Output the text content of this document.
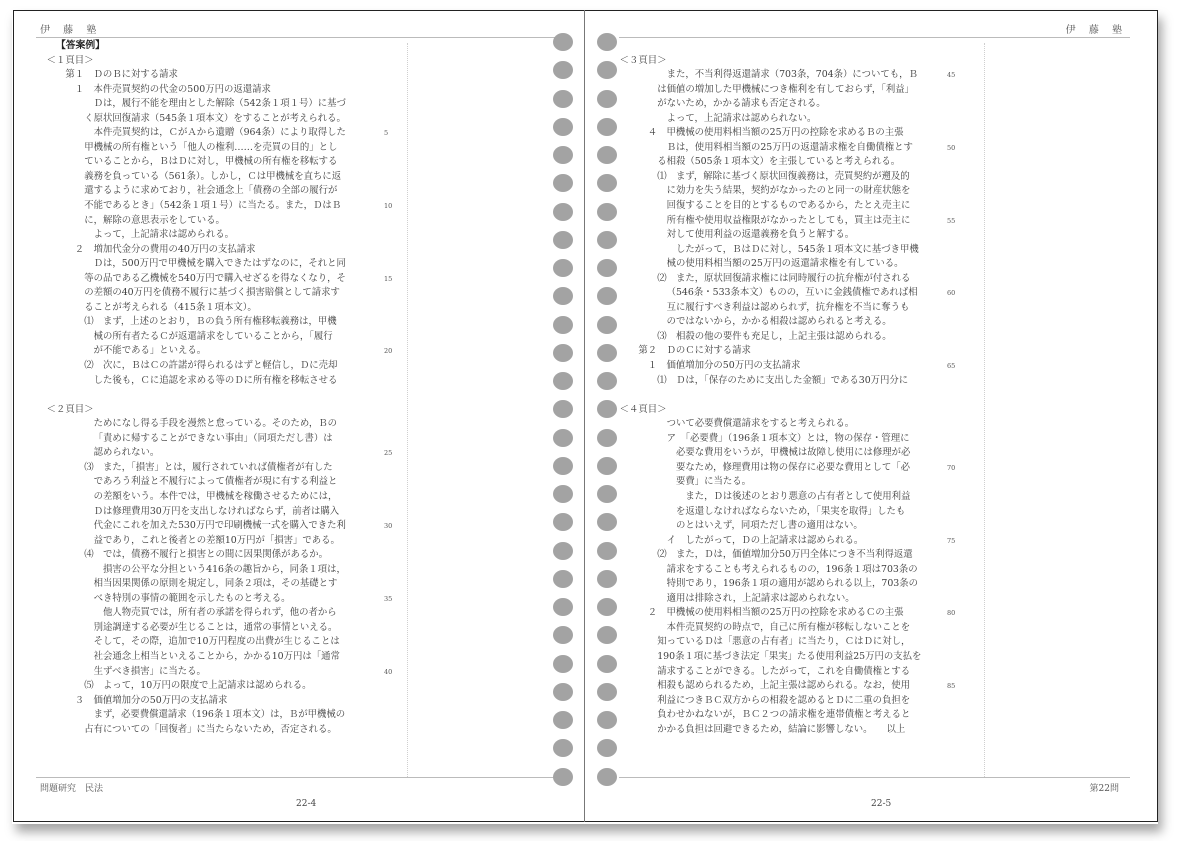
伊 藤 塾
【答案例】
＜１頁目＞
第１　ＤのＢに対する請求
１　本件売買契約の代金の500万円の返還請求
Ｄは，履行不能を理由とした解除（542条１項１号）に基づ
く原状回復請求（545条１項本文）をすることが考えられる。
本件売買契約は，ＣがＡから遺贈（964条）により取得した	5
甲機械の所有権という「他人の権利……を売買の目的」とし
ていることから，ＢはＤに対し，甲機械の所有権を移転する
義務を負っている（561条）。しかし，Ｃは甲機械を直ちに返
還するように求めており，社会通念上「債務の全部の履行が
不能であるとき」（542条１項１号）に当たる。また，ＤはＢ	10
に，解除の意思表示をしている。
よって，上記請求は認められる。
２　増加代金分の費用の40万円の支払請求
Ｄは，500万円で甲機械を購入できたはずなのに，それと同
等の品である乙機械を540万円で購入せざるを得なくなり，そ	15
の差額の40万円を債務不履行に基づく損害賠償として請求す
ることが考えられる（415条１項本文）。
⑴　まず，上述のとおり，Ｂの負う所有権移転義務は，甲機
械の所有者たるＣが返還請求をしていることから，「履行
が不能である」といえる。	20
⑵　次に，ＢはＣの許諾が得られるはずと軽信し，Ｄに売却
した後も，Ｃに追認を求める等のＤに所有権を移転させる
＜２頁目＞
ためになし得る手段を漫然と怠っている。そのため，Ｂの
「責めに帰することができない事由」（同項ただし書）は
認められない。	25
⑶　また，「損害」とは，履行されていれば債権者が有した
であろう利益と不履行によって債権者が現に有する利益と
の差額をいう。本件では，甲機械を稼働させるためには，
Ｄは修理費用30万円を支出しなければならず，前者は購入
代金にこれを加えた530万円で印刷機械一式を購入できた利	30
益であり，これと後者との差額10万円が「損害」である。
⑷　では，債務不履行と損害との間に因果関係があるか。
損害の公平な分担という416条の趣旨から，同条１項は，
相当因果関係の原則を規定し，同条２項は，その基礎とす
べき特別の事情の範囲を示したものと考える。	35
他人物売買では，所有者の承諾を得られず，他の者から
別途調達する必要が生じることは，通常の事情といえる。
そして，その際，追加で10万円程度の出費が生じることは
社会通念上相当といえることから，かかる10万円は「通常
生ずべき損害」に当たる。	40
⑸　よって，10万円の限度で上記請求は認められる。
３　価値増加分の50万円の支払請求
まず，必要費償還請求（196条１項本文）は，Ｂが甲機械の
占有についての「回復者」に当たらないため，否定される。
問題研究　民法
22-4
伊 藤 塾
＜３頁目＞
また，不当利得返還請求（703条，704条）についても，Ｂ	45
は価値の増加した甲機械につき権利を有しておらず，「利益」
がないため，かかる請求も否定される。
よって，上記請求は認められない。
４　甲機械の使用料相当額の25万円の控除を求めるＢの主張
Ｂは，使用料相当額の25万円の返還請求権を自働債権とす	50
る相殺（505条１項本文）を主張していると考えられる。
⑴　まず，解除に基づく原状回復義務は，売買契約が遡及的
に効力を失う結果，契約がなかったのと同一の財産状態を
回復することを目的とするものであるから，たとえ売主に
所有権や使用収益権限がなかったとしても，買主は売主に	55
対して使用利益の返還義務を負うと解する。
したがって，ＢはＤに対し，545条１項本文に基づき甲機
械の使用料相当額の25万円の返還請求権を有している。
⑵　また，原状回復請求権には同時履行の抗弁権が付される
（546条・533条本文）ものの，互いに金銭債権であれば相	60
互に履行すべき利益は認められず，抗弁権を不当に奪うも
のではないから，かかる相殺は認められると考える。
⑶　相殺の他の要件も充足し，上記主張は認められる。
第２　ＤのＣに対する請求
１　価値増加分の50万円の支払請求	65
⑴　Ｄは，「保存のために支出した金額」である30万円分に
＜４頁目＞
ついて必要費償還請求をすると考えられる。
ア　「必要費」（196条１項本文）とは，物の保存・管理に
必要な費用をいうが，甲機械は故障し使用には修理が必
要なため，修理費用は物の保存に必要な費用として「必	70
要費」に当たる。
また，Ｄは後述のとおり悪意の占有者として使用利益
を返還しなければならないため，「果実を取得」したも
のとはいえず，同項ただし書の適用はない。
イ　したがって，Ｄの上記請求は認められる。	75
⑵　また，Ｄは，価値増加分50万円全体につき不当利得返還
請求をすることも考えられるものの，196条１項は703条の
特則であり，196条１項の適用が認められる以上，703条の
適用は排除され，上記請求は認められない。
２　甲機械の使用料相当額の25万円の控除を求めるＣの主張	80
本件売買契約の時点で，自己に所有権が移転しないことを
知っているＤは「悪意の占有者」に当たり，ＣはＤに対し，
190条１項に基づき法定「果実」たる使用利益25万円の支払を
請求することができる。したがって，これを自働債権とする
相殺も認められるため，上記主張は認められる。なお，使用	85
利益につきＢＣ双方からの相殺を認めるとＤに二重の負担を
負わせかねないが，ＢＣ２つの請求権を連帯債権と考えると
かかる負担は回避できるため，結論に影響しない。　　以上
第22問
22-5
